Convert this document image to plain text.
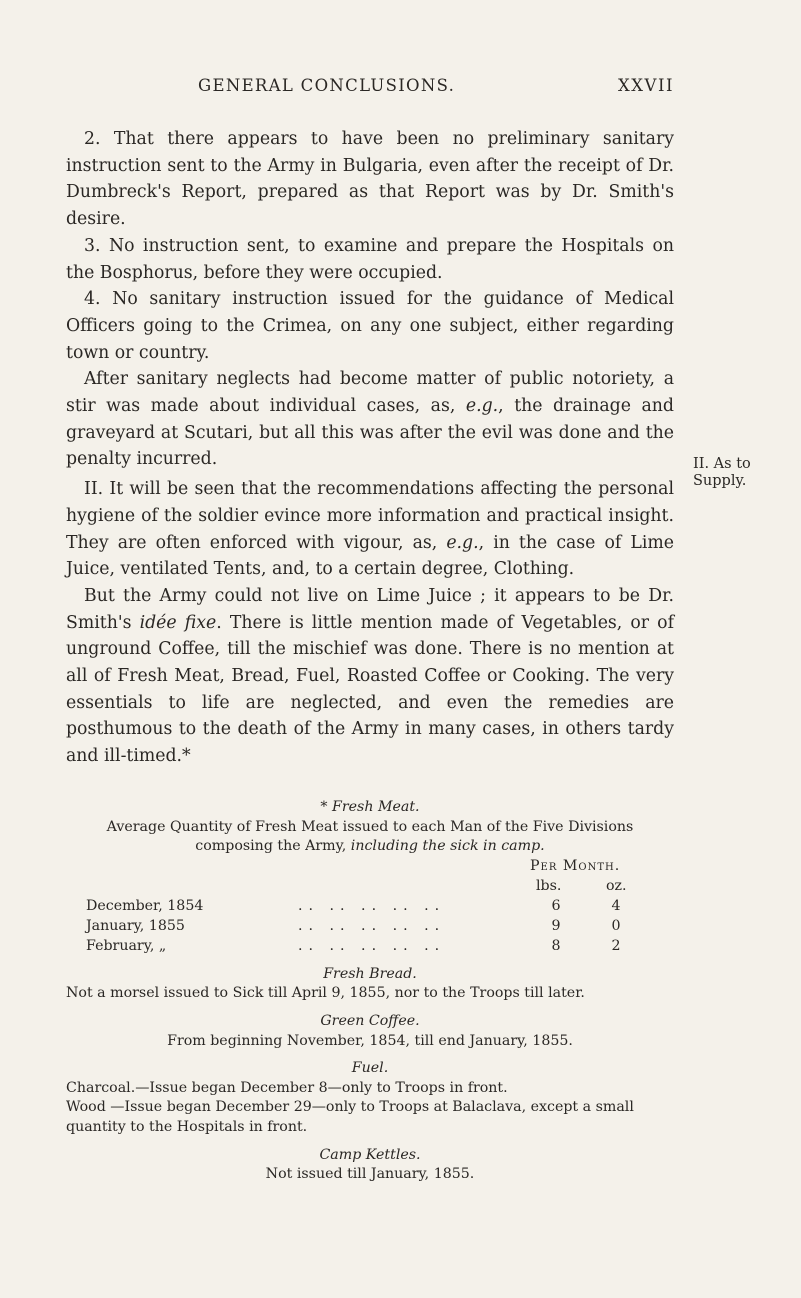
GENERAL CONCLUSIONS.	XXVII

2. That there appears to have been no preliminary sanitary instruction sent to the Army in Bulgaria, even after the receipt of Dr. Dumbreck's Report, prepared as that Report was by Dr. Smith's desire.

3. No instruction sent, to examine and prepare the Hospitals on the Bosphorus, before they were occupied.

4. No sanitary instruction issued for the guidance of Medical Officers going to the Crimea, on any one subject, either regarding town or country.

After sanitary neglects had become matter of public notoriety, a stir was made about individual cases, as, e.g., the drainage and graveyard at Scutari, but all this was after the evil was done and the penalty incurred.

II. It will be seen that the recommendations affecting the personal hygiene of the soldier evince more information and practical insight. They are often enforced with vigour, as, e.g., in the case of Lime Juice, ventilated Tents, and, to a certain degree, Clothing.

But the Army could not live on Lime Juice ; it appears to be Dr. Smith's idée fixe. There is little mention made of Vegetables, or of unground Coffee, till the mischief was done. There is no mention at all of Fresh Meat, Bread, Fuel, Roasted Coffee or Cooking. The very essentials to life are neglected, and even the remedies are posthumous to the death of the Army in many cases, in others tardy and ill-timed.*

II. As to Supply.
* Fresh Meat.

Average Quantity of Fresh Meat issued to each Man of the Five Divisions composing the Army, including the sick in camp.

Per Month.
lbs.	oz.
December, 1854	.. .. .. .. ..	6	4
January, 1855	.. .. .. .. ..	9	0
February, „	.. .. .. .. ..	8	2
Fresh Bread.

Not a morsel issued to Sick till April 9, 1855, nor to the Troops till later.

Green Coffee.

From beginning November, 1854, till end January, 1855.

Fuel.

Charcoal.—Issue began December 8—only to Troops in front.

Wood —Issue began December 29—only to Troops at Balaclava, except a small quantity to the Hospitals in front.

Camp Kettles.

Not issued till January, 1855.
